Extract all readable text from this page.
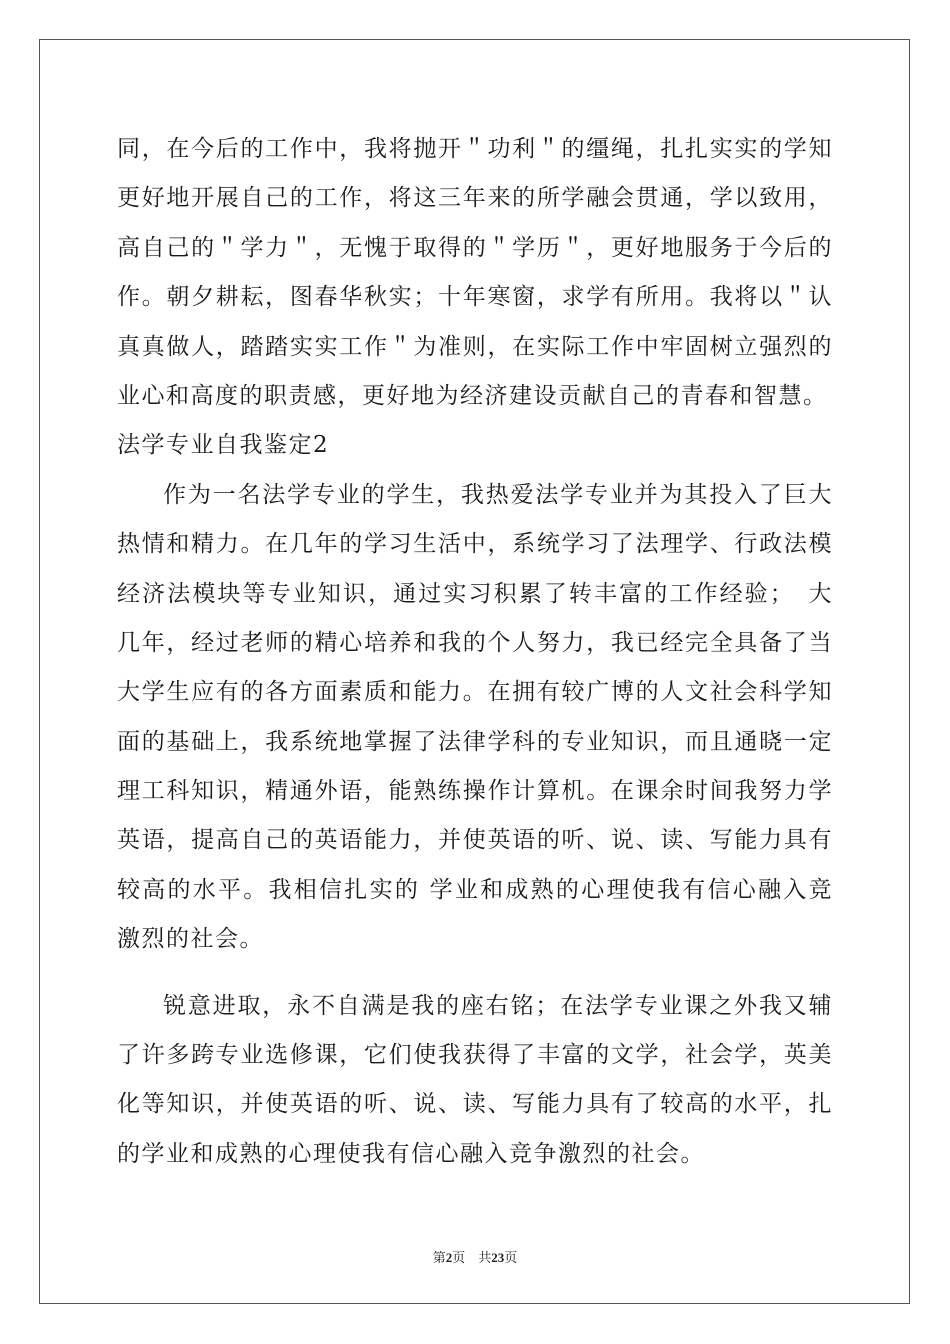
同，在今后的工作中，我将抛开＂功利＂的缰绳，扎扎实实的学知
更好地开展自己的工作，将这三年来的所学融会贯通，学以致用，
高自己的＂学力＂，无愧于取得的＂学历＂，更好地服务于今后的
作。朝夕耕耘，图春华秋实；十年寒窗，求学有所用。我将以＂认
真真做人，踏踏实实工作＂为准则，在实际工作中牢固树立强烈的
业心和高度的职责感，更好地为经济建设贡献自己的青春和智慧。
法学专业自我鉴定2
作为一名法学专业的学生，我热爱法学专业并为其投入了巨大
热情和精力。在几年的学习生活中，系统学习了法理学、行政法模
经济法模块等专业知识，通过实习积累了转丰富的工作经验；　大
几年，经过老师的精心培养和我的个人努力，我已经完全具备了当
大学生应有的各方面素质和能力。在拥有较广博的人文社会科学知
面的基础上，我系统地掌握了法律学科的专业知识，而且通晓一定
理工科知识，精通外语，能熟练操作计算机。在课余时间我努力学
英语，提高自己的英语能力，并使英语的听、说、读、写能力具有
较高的水平。我相信扎实的 学业和成熟的心理使我有信心融入竞
激烈的社会。
锐意进取，永不自满是我的座右铭；在法学专业课之外我又辅
了许多跨专业选修课，它们使我获得了丰富的文学，社会学，英美
化等知识，并使英语的听、说、读、写能力具有了较高的水平，扎
的学业和成熟的心理使我有信心融入竞争激烈的社会。
第2页　共23页
